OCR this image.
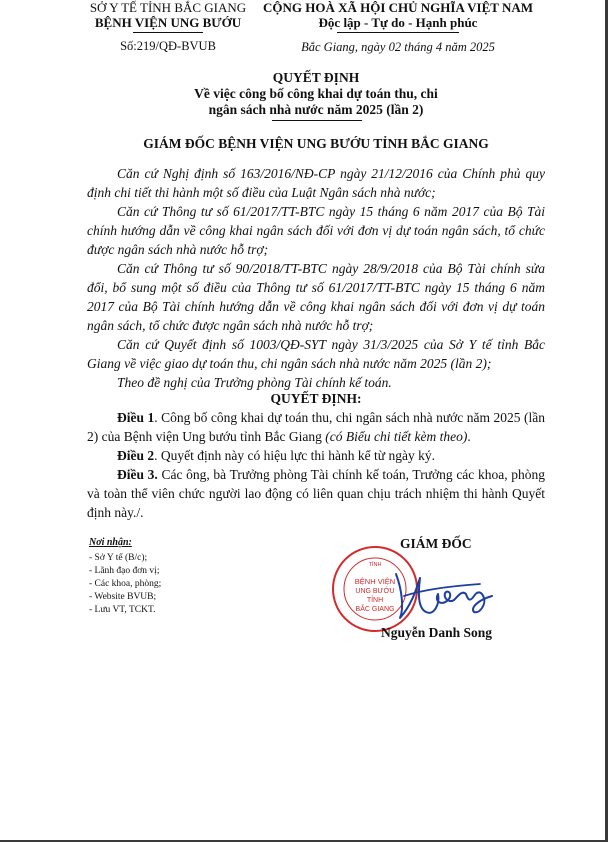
SỞ Y TẾ TỈNH BẮC GIANG
BỆNH VIỆN UNG BƯỚU
Số:219/QĐ-BVUB
CỘNG HOÀ XÃ HỘI CHỦ NGHĨA VIỆT NAM
Độc lập - Tự do - Hạnh phúc
Bắc Giang, ngày 02 tháng 4 năm 2025
QUYẾT ĐỊNH
Về việc công bố công khai dự toán thu, chi
ngân sách nhà nước năm 2025 (lần 2)
GIÁM ĐỐC BỆNH VIỆN UNG BƯỚU TỈNH BẮC GIANG
Căn cứ Nghị định số 163/2016/NĐ-CP ngày 21/12/2016 của Chính phủ quy định chi tiết thi hành một số điều của Luật Ngân sách nhà nước;
Căn cứ Thông tư số 61/2017/TT-BTC ngày 15 tháng 6 năm 2017 của Bộ Tài chính hướng dẫn về công khai ngân sách đối với đơn vị dự toán ngân sách, tổ chức được ngân sách nhà nước hỗ trợ;
Căn cứ Thông tư số 90/2018/TT-BTC ngày 28/9/2018 của Bộ Tài chính sửa đổi, bổ sung một số điều của Thông tư số 61/2017/TT-BTC ngày 15 tháng 6 năm 2017 của Bộ Tài chính hướng dẫn về công khai ngân sách đối với đơn vị dự toán ngân sách, tổ chức được ngân sách nhà nước hỗ trợ;
Căn cứ Quyết định số 1003/QĐ-SYT ngày 31/3/2025 của Sở Y tế tỉnh Bắc Giang về việc giao dự toán thu, chi ngân sách nhà nước năm 2025 (lần 2);
Theo đề nghị của Trưởng phòng Tài chính kế toán.
QUYẾT ĐỊNH:
Điều 1. Công bố công khai dự toán thu, chi ngân sách nhà nước năm 2025 (lần 2) của Bệnh viện Ung bướu tỉnh Bắc Giang (có Biểu chi tiết kèm theo).
Điều 2. Quyết định này có hiệu lực thi hành kể từ ngày ký.
Điều 3. Các ông, bà Trưởng phòng Tài chính kế toán, Trưởng các khoa, phòng và toàn thể viên chức người lao động có liên quan chịu trách nhiệm thi hành Quyết định này./.
Nơi nhận:
- Sở Y tế (B/c);
- Lãnh đạo đơn vị;
- Các khoa, phòng;
- Website BVUB;
- Lưu VT, TCKT.
GIÁM ĐỐC
TỈNH
BỆNH VIỆN
UNG BƯỚU
TỈNH
BẮC GIANG
Nguyễn Danh Song
